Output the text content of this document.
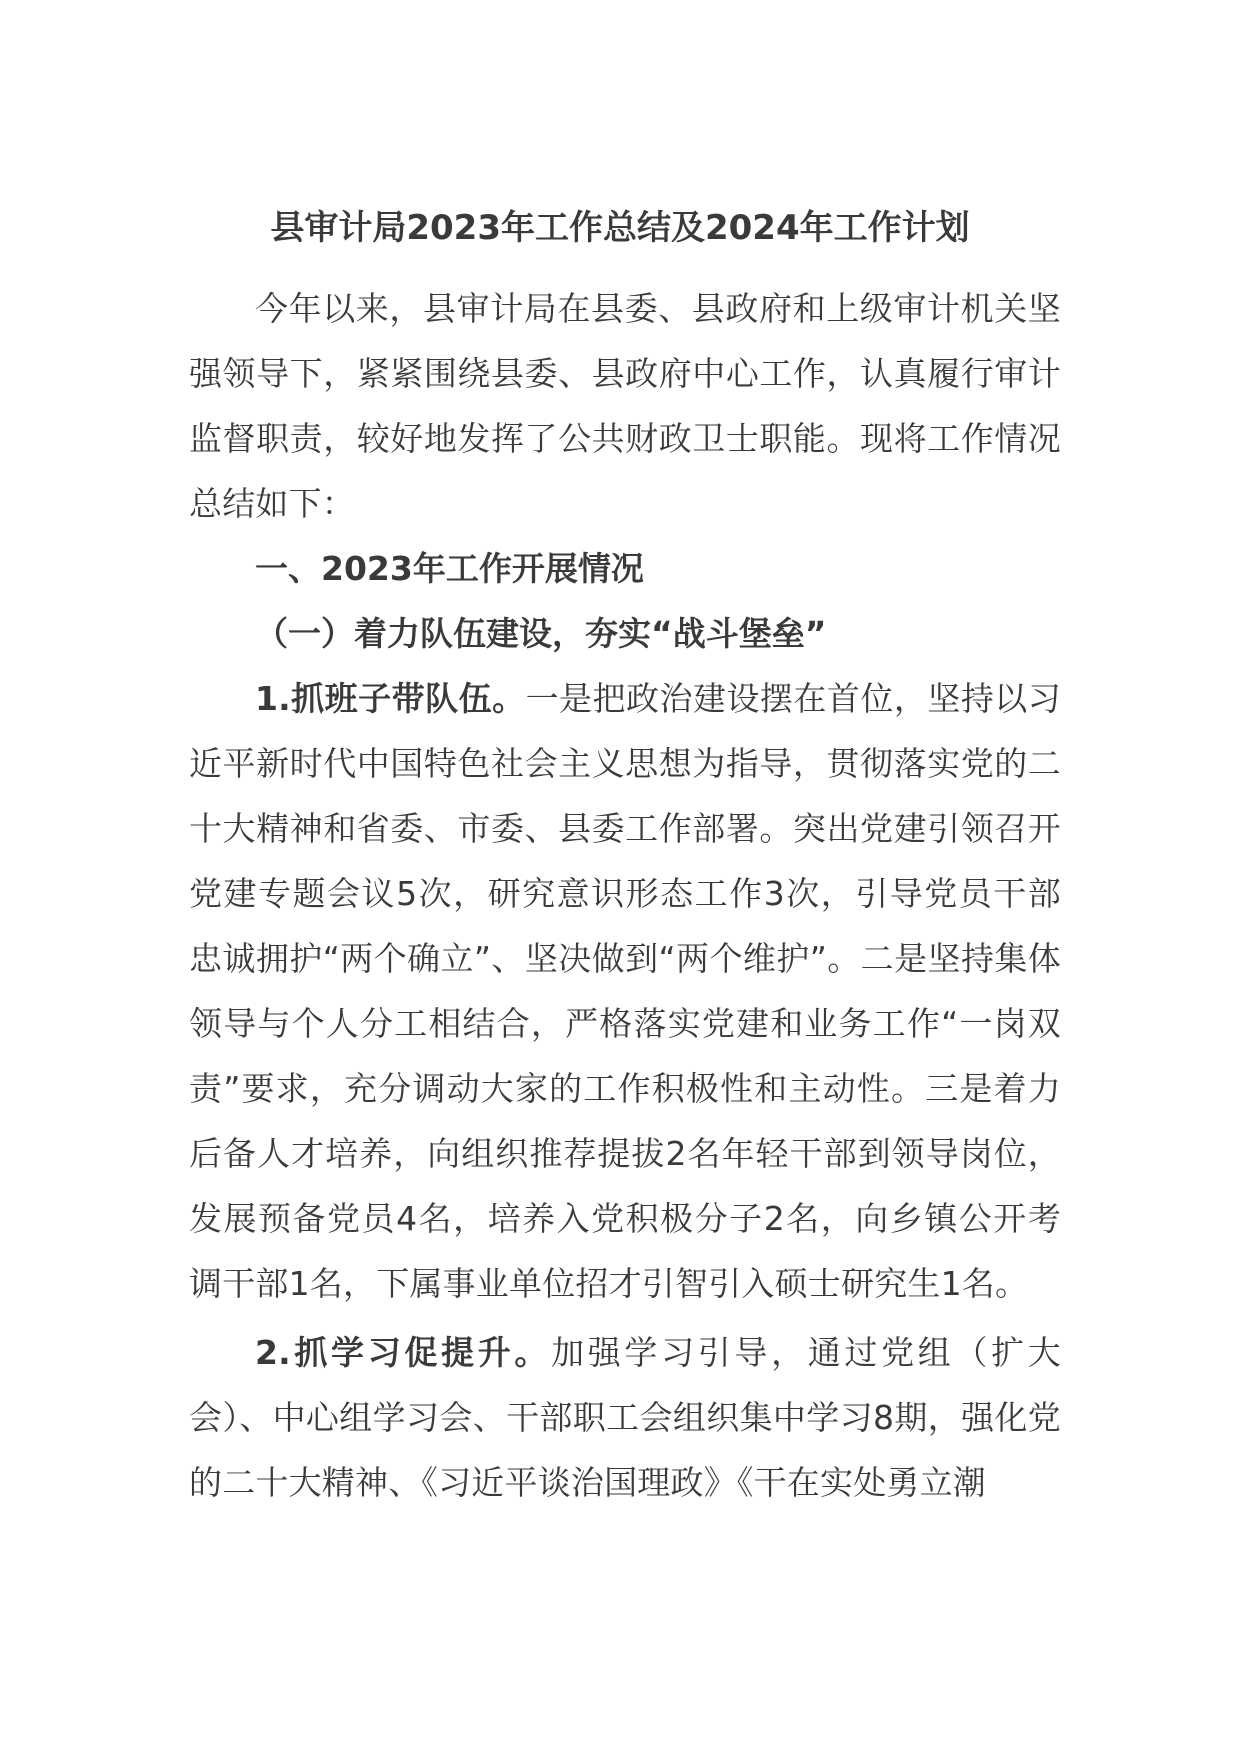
县审计局2023年工作总结及2024年工作计划

今年以来，县审计局在县委、县政府和上级审计机关坚强领导下，紧紧围绕县委、县政府中心工作，认真履行审计监督职责，较好地发挥了公共财政卫士职能。现将工作情况总结如下：

一、2023年工作开展情况

（一）着力队伍建设，夯实“战斗堡垒”

1.抓班子带队伍。一是把政治建设摆在首位，坚持以习近平新时代中国特色社会主义思想为指导，贯彻落实党的二十大精神和省委、市委、县委工作部署。突出党建引领召开党建专题会议5次，研究意识形态工作3次，引导党员干部忠诚拥护“两个确立”、坚决做到“两个维护”。二是坚持集体领导与个人分工相结合，严格落实党建和业务工作“一岗双责”要求，充分调动大家的工作积极性和主动性。三是着力后备人才培养，向组织推荐提拔2名年轻干部到领导岗位，发展预备党员4名，培养入党积极分子2名，向乡镇公开考调干部1名，下属事业单位招才引智引入硕士研究生1名。

2.抓学习促提升。加强学习引导，通过党组（扩大会）、中心组学习会、干部职工会组织集中学习8期，强化党的二十大精神、《习近平谈治国理政》《干在实处勇立潮
